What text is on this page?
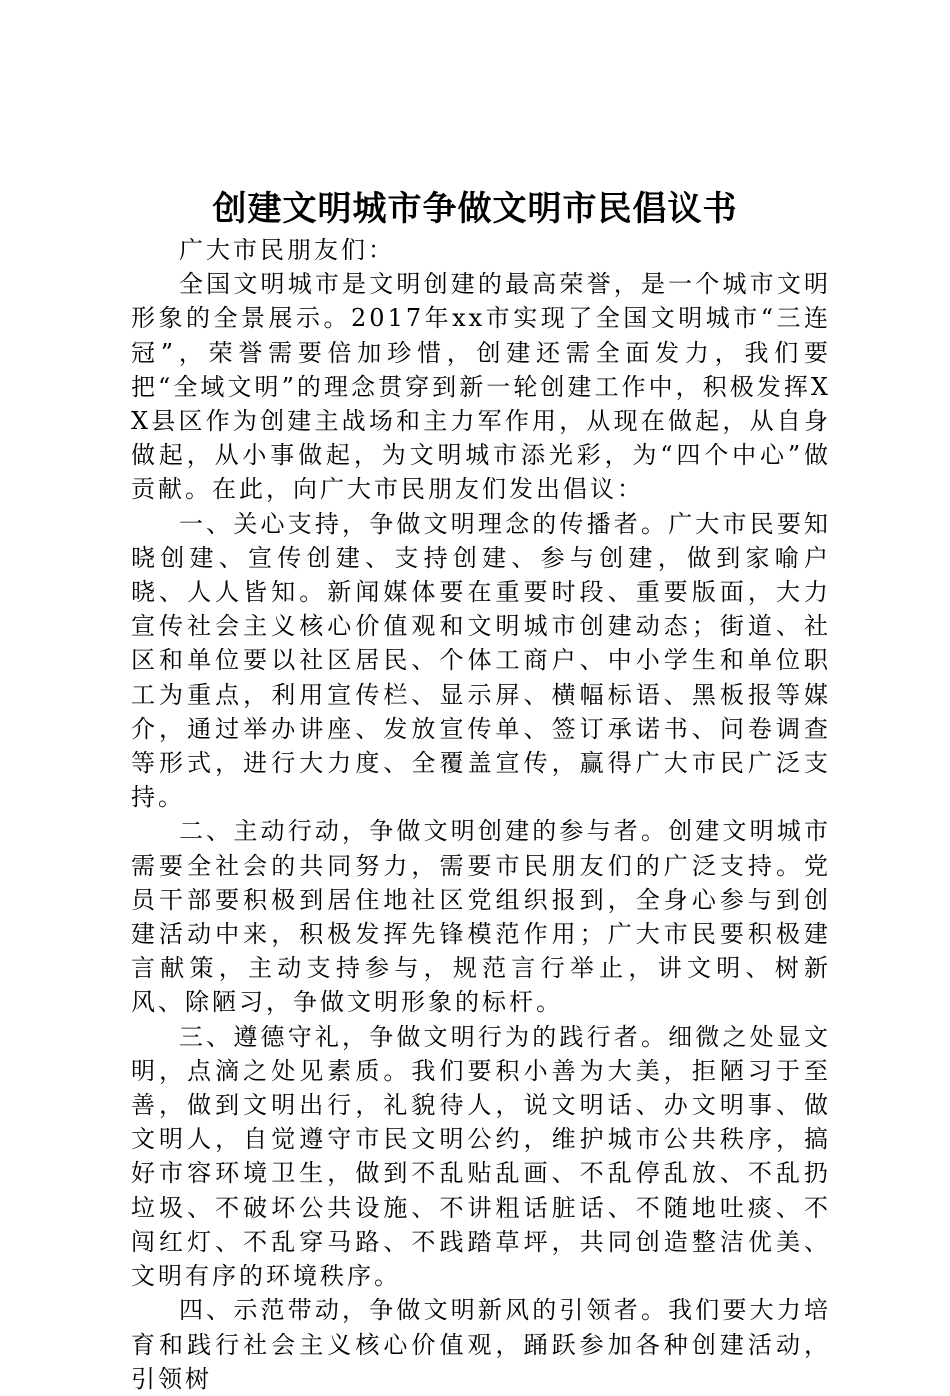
创建文明城市争做文明市民倡议书

广大市民朋友们：

全国文明城市是文明创建的最高荣誉，是一个城市文明形象的全景展示。2017年xx市实现了全国文明城市“三连冠”，荣誉需要倍加珍惜，创建还需全面发力，我们要把“全域文明”的理念贯穿到新一轮创建工作中，积极发挥XX县区作为创建主战场和主力军作用，从现在做起，从自身做起，从小事做起，为文明城市添光彩，为“四个中心”做贡献。在此，向广大市民朋友们发出倡议：

一、关心支持，争做文明理念的传播者。广大市民要知晓创建、宣传创建、支持创建、参与创建，做到家喻户晓、人人皆知。新闻媒体要在重要时段、重要版面，大力宣传社会主义核心价值观和文明城市创建动态；街道、社区和单位要以社区居民、个体工商户、中小学生和单位职工为重点，利用宣传栏、显示屏、横幅标语、黑板报等媒介，通过举办讲座、发放宣传单、签订承诺书、问卷调查等形式，进行大力度、全覆盖宣传，赢得广大市民广泛支持。

二、主动行动，争做文明创建的参与者。创建文明城市需要全社会的共同努力，需要市民朋友们的广泛支持。党员干部要积极到居住地社区党组织报到，全身心参与到创建活动中来，积极发挥先锋模范作用；广大市民要积极建言献策，主动支持参与，规范言行举止，讲文明、树新风、除陋习，争做文明形象的标杆。

三、遵德守礼，争做文明行为的践行者。细微之处显文明，点滴之处见素质。我们要积小善为大美，拒陋习于至善，做到文明出行，礼貌待人，说文明话、办文明事、做文明人，自觉遵守市民文明公约，维护城市公共秩序，搞好市容环境卫生，做到不乱贴乱画、不乱停乱放、不乱扔垃圾、不破坏公共设施、不讲粗话脏话、不随地吐痰、不闯红灯、不乱穿马路、不践踏草坪，共同创造整洁优美、文明有序的环境秩序。

四、示范带动，争做文明新风的引领者。我们要大力培育和践行社会主义核心价值观，踊跃参加各种创建活动，引领树
